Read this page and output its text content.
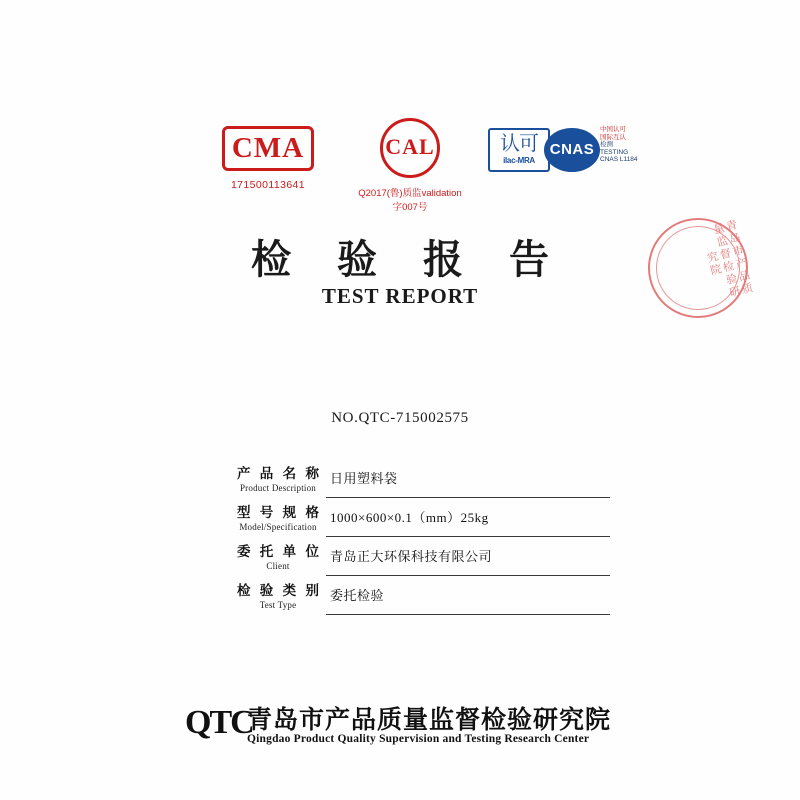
CMA
171500113641
CAL
Q2017(鲁)质监validation字007号
认可
ilac-MRA
CNAS
中国认可
国际互认
检测
TESTING
CNAS L1184
青岛市产品质量监督检验研究院
检 验 报 告
TEST REPORT
NO.QTC-715002575
产 品 名 称
Product Description
日用塑料袋
型 号 规 格
Model/Specification
1000×600×0.1（mm）25kg
委 托 单 位
Client
青岛正大环保科技有限公司
检 验 类 别
Test Type
委托检验
QTC
青岛市产品质量监督检验研究院
Qingdao Product Quality Supervision and Testing Research Center
